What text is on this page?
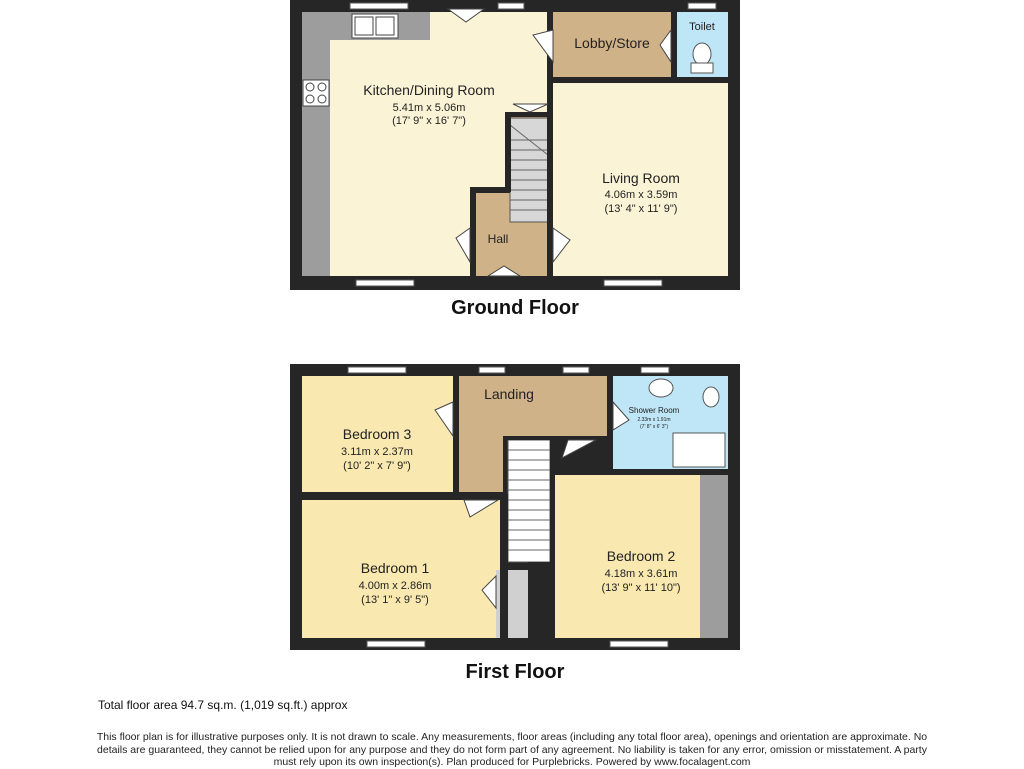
Kitchen/Dining Room
5.41m x 5.06m
(17' 9" x 16' 7")
Lobby/Store
Toilet
Living Room
4.06m x 3.59m
(13' 4" x 11' 9")
Hall
Ground Floor
Landing
Bedroom 3
3.11m x 2.37m
(10' 2" x 7' 9")
Shower Room
2.33m x 1.91m
(7' 8" x 6' 3")
Bedroom 1
4.00m x 2.86m
(13' 1" x 9' 5")
Bedroom 2
4.18m x 3.61m
(13' 9" x 11' 10")
First Floor
Total floor area 94.7 sq.m. (1,019 sq.ft.) approx
This floor plan is for illustrative purposes only. It is not drawn to scale. Any measurements, floor areas (including any total floor area), openings and orientation are approximate. No details are guaranteed, they cannot be relied upon for any purpose and they do not form part of any agreement. No liability is taken for any error, omission or misstatement. A party must rely upon its own inspection(s). Plan produced for Purplebricks. Powered by www.focalagent.com
